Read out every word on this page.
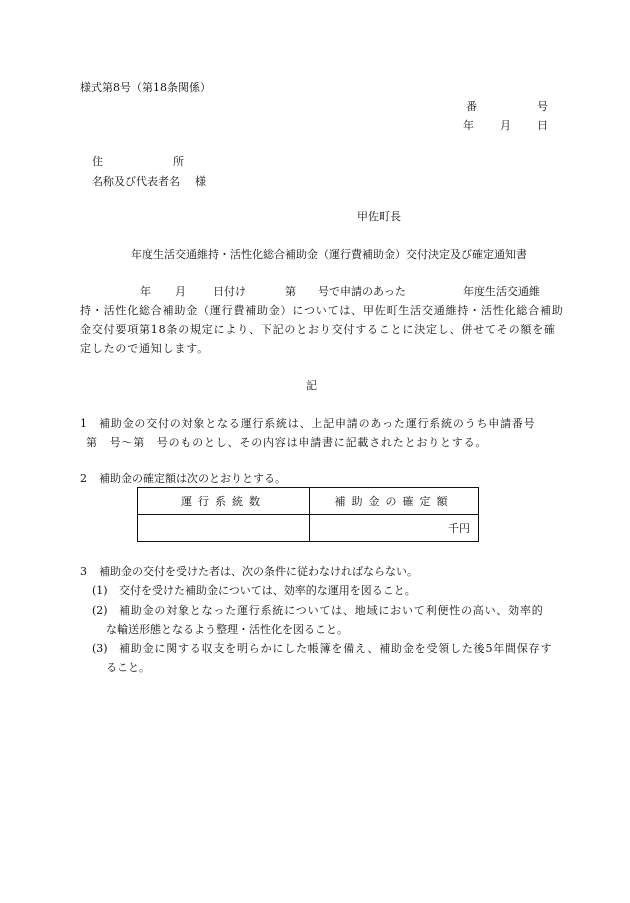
様式第8号（第18条関係）
番	号
年 月 日
住	所
名称及び代表者名 様
甲佐町長
年度生活交通維持・活性化総合補助金（運行費補助金）交付決定及び確定通知書
年 月 日付け	第 号で申請のあった	年度生活交通維
持・活性化総合補助金（運行費補助金）については、甲佐町生活交通維持・活性化総合補助
金交付要項第18条の規定により、下記のとおり交付することに決定し、併せてその額を確
定したので通知します。
記
1 補助金の交付の対象となる運行系統は、上記申請のあった運行系統のうち申請番号
第　号～第　号のものとし、その内容は申請書に記載されたとおりとする。
2 補助金の確定額は次のとおりとする。
運行系統数	補助金の確定額
	千円
3 補助金の交付を受けた者は、次の条件に従わなければならない。
(1) 交付を受けた補助金については、効率的な運用を図ること。
(2) 補助金の対象となった運行系統については、地域において利便性の高い、効率的
な輸送形態となるよう整理・活性化を図ること。
(3) 補助金に関する収支を明らかにした帳簿を備え、補助金を受領した後5年間保存す
ること。
